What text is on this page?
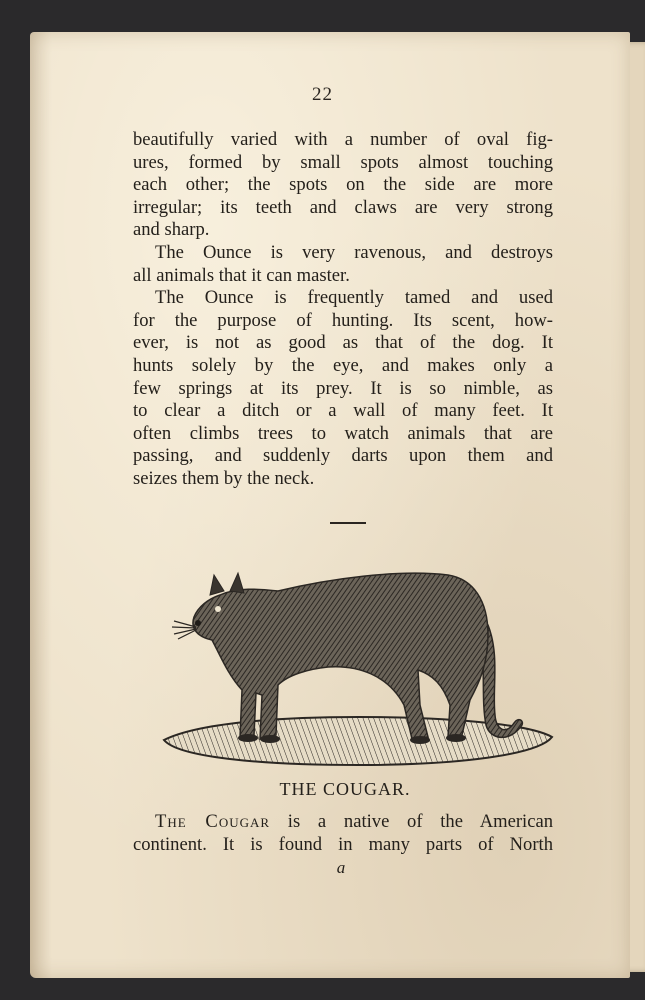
22
beautifully varied with a number of oval fig-
ures, formed by small spots almost touching
each other; the spots on the side are more
irregular; its teeth and claws are very strong
and sharp.
The Ounce is very ravenous, and destroys
all animals that it can master.
The Ounce is frequently tamed and used
for the purpose of hunting. Its scent, how-
ever, is not as good as that of the dog. It
hunts solely by the eye, and makes only a
few springs at its prey. It is so nimble, as
to clear a ditch or a wall of many feet. It
often climbs trees to watch animals that are
passing, and suddenly darts upon them and
seizes them by the neck.
THE COUGAR.
The Cougar is a native of the American
continent. It is found in many parts of North
a
